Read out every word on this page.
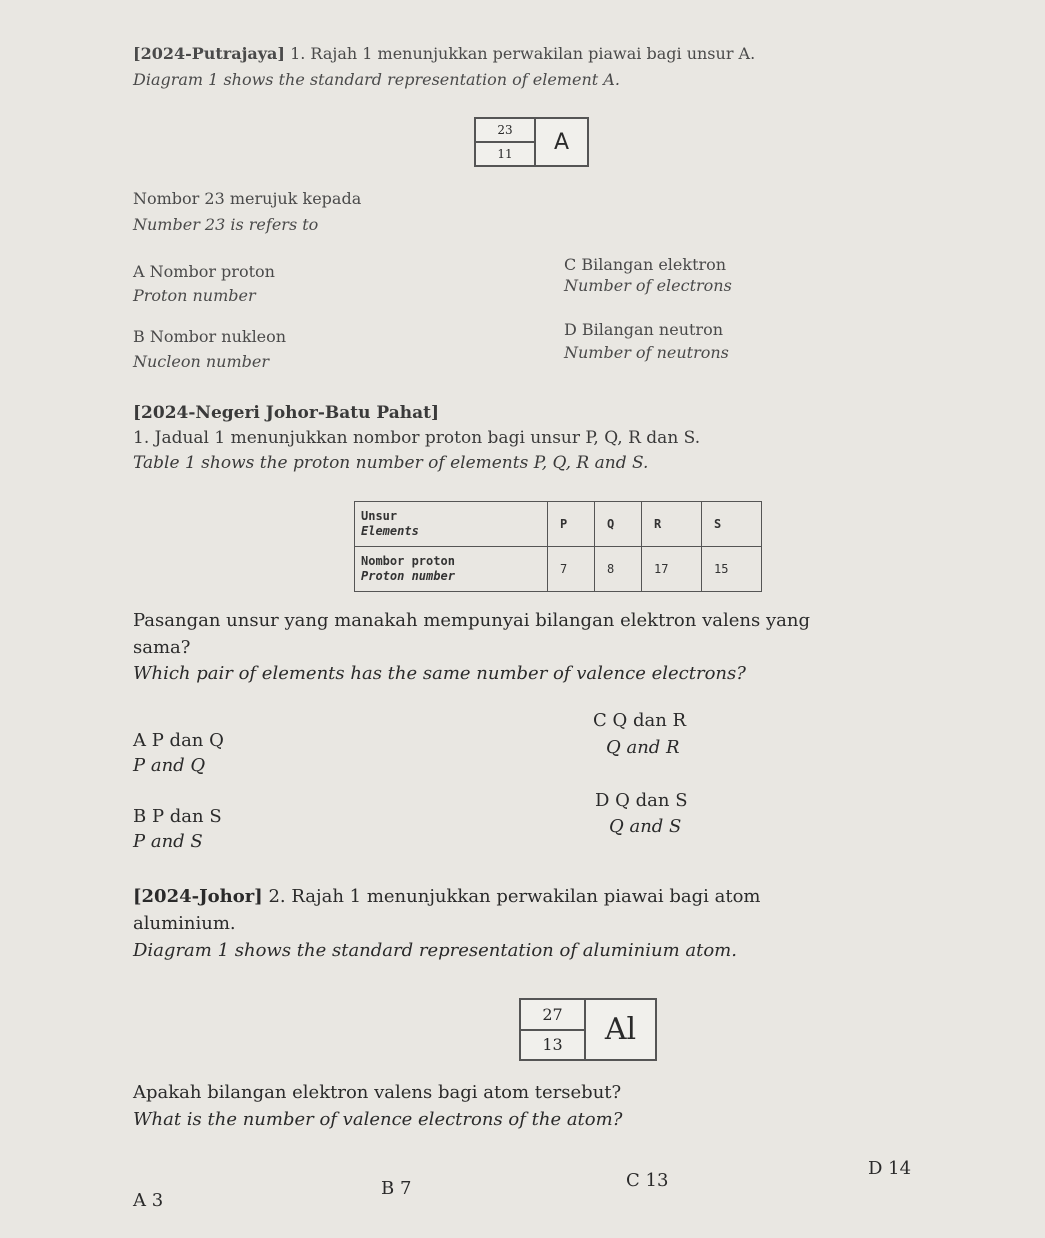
[2024-Putrajaya] 1. Rajah 1 menunjukkan perwakilan piawai bagi unsur A.
Diagram 1 shows the standard representation of element A.
23
11	A
Nombor 23 merujuk kepada
Number 23 is refers to
A Nombor proton
Proton number
B Nombor nukleon
Nucleon number
C Bilangan elektron
Number of electrons
D Bilangan neutron
Number of neutrons
[2024-Negeri Johor-Batu Pahat]
1. Jadual 1 menunjukkan nombor proton bagi unsur P, Q, R dan S.
Table 1 shows the proton number of elements P, Q, R and S.
Unsur
Elements	P	Q	R	S

Nombor proton
Proton number	7	8	17	15
Pasangan unsur yang manakah mempunyai bilangan elektron valens yang
sama?
Which pair of elements has the same number of valence electrons?
A P dan Q
P and Q
B P dan S
P and S
C Q dan R
Q and R
D Q dan S
Q and S
[2024-Johor] 2. Rajah 1 menunjukkan perwakilan piawai bagi atom
aluminium.
Diagram 1 shows the standard representation of aluminium atom.
27
13	Al
Apakah bilangan elektron valens bagi atom tersebut?
What is the number of valence electrons of the atom?
A 3
B 7	C 13
D 14
